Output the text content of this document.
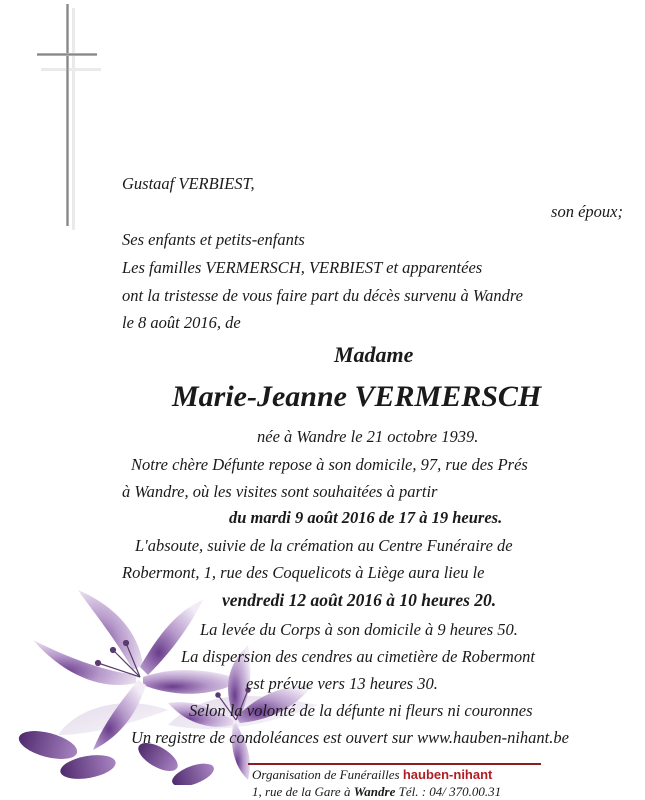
Gustaaf VERBIEST,
son époux;
Ses enfants et petits-enfants
Les familles VERMERSCH, VERBIEST et apparentées
ont la tristesse de vous faire part du décès survenu à Wandre
le 8 août 2016, de
Madame
Marie-Jeanne VERMERSCH
née à Wandre le 21 octobre 1939.
Notre chère Défunte repose à son domicile, 97, rue des Prés
à Wandre, où les visites sont souhaitées à partir
du mardi 9 août 2016 de 17 à 19 heures.
L'absoute, suivie de la crémation au Centre Funéraire de
Robermont, 1, rue des Coquelicots à Liège aura lieu le
vendredi 12 août 2016 à 10 heures 20.
La levée du Corps à son domicile à 9 heures 50.
La dispersion des cendres au cimetière de Robermont
est prévue vers 13 heures 30.
Selon la volonté de la défunte ni fleurs ni couronnes
Un registre de condoléances est ouvert sur www.hauben-nihant.be
Organisation de Funérailles hauben-nihant
1, rue de la Gare à Wandre Tél. : 04/ 370.00.31
